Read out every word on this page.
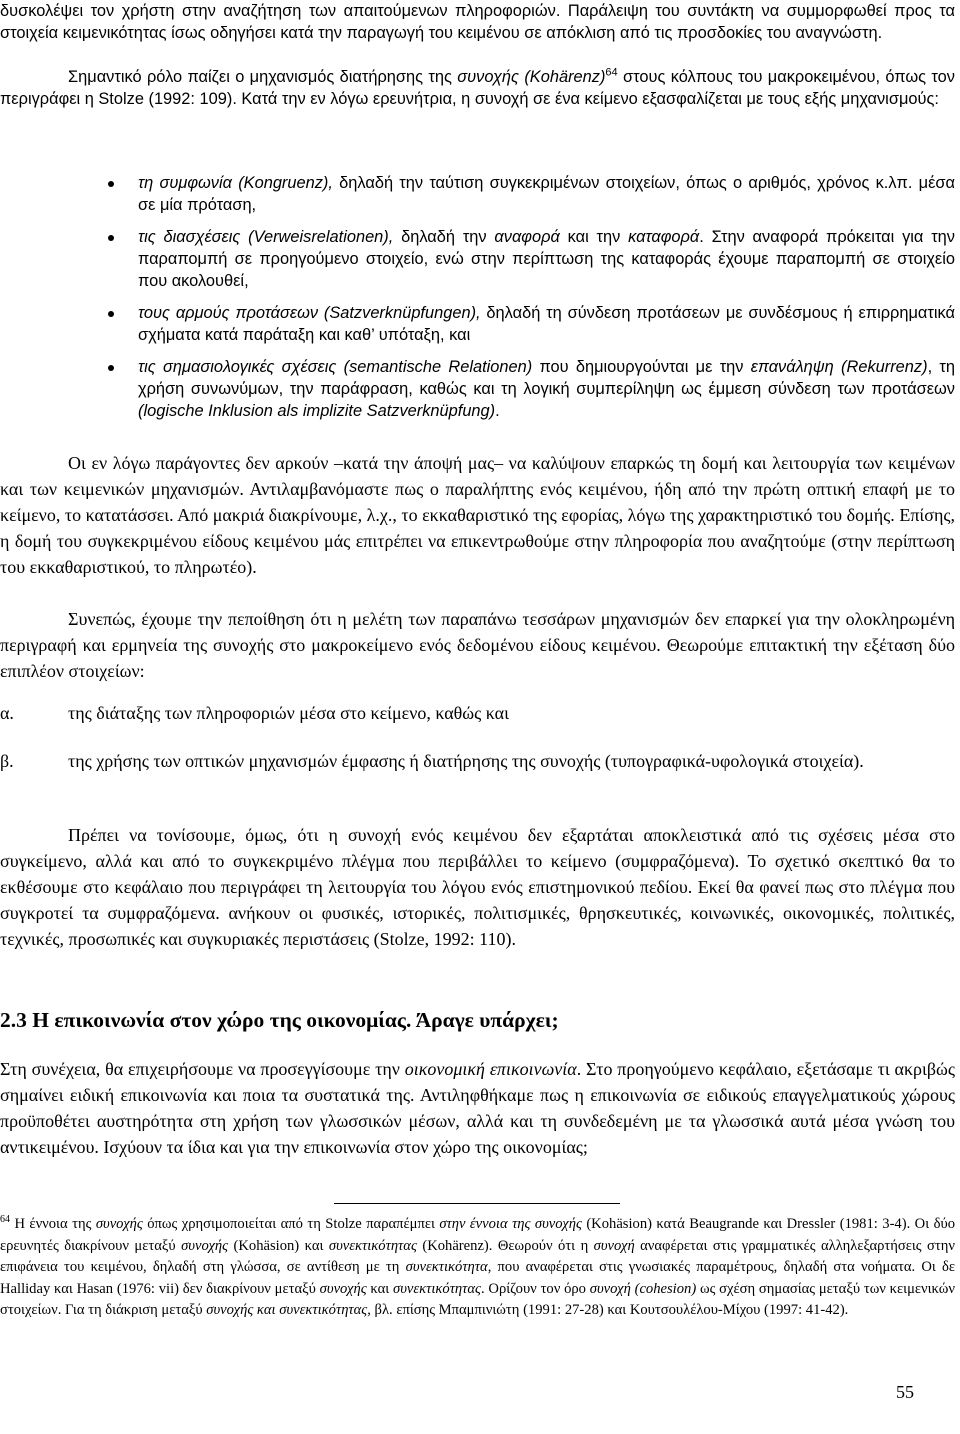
δυσκολέψει τον χρήστη στην αναζήτηση των απαιτούμενων πληροφοριών. Παράλειψη του συντάκτη να συμμορφωθεί προς τα στοιχεία κειμενικότητας ίσως οδηγήσει κατά την παραγωγή του κειμένου σε απόκλιση από τις προσδοκίες του αναγνώστη.

Σημαντικό ρόλο παίζει ο μηχανισμός διατήρησης της συνοχής (Kohärenz)$^{64}$ στους κόλπους του μακροκειμένου, όπως τον περιγράφει η Stolze (1992: 109). Κατά την εν λόγω ερευνήτρια, η συνοχή σε ένα κείμενο εξασφαλίζεται με τους εξής μηχανισμούς:

τη συμφωνία (Kongruenz), δηλαδή την ταύτιση συγκεκριμένων στοιχείων, όπως ο αριθμός, χρόνος κ.λπ. μέσα σε μία πρόταση,
τις διασχέσεις (Verweisrelationen), δηλαδή την αναφορά και την καταφορά. Στην αναφορά πρόκειται για την παραπομπή σε προηγούμενο στοιχείο, ενώ στην περίπτωση της καταφοράς έχουμε παραπομπή σε στοιχείο που ακολουθεί,
τους αρμούς προτάσεων (Satzverknüpfungen), δηλαδή τη σύνδεση προτάσεων με συνδέσμους ή επιρρηματικά σχήματα κατά παράταξη και καθ’ υπόταξη, και
τις σημασιολογικές σχέσεις (semantische Relationen) που δημιουργούνται με την επανάληψη (Rekurrenz), τη χρήση συνωνύμων, την παράφραση, καθώς και τη λογική συμπερίληψη ως έμμεση σύνδεση των προτάσεων (logische Inklusion als implizite Satzverknüpfung).

Οι εν λόγω παράγοντες δεν αρκούν –κατά την άποψή μας– να καλύψουν επαρκώς τη δομή και λειτουργία των κειμένων και των κειμενικών μηχανισμών. Αντιλαμβανόμαστε πως ο παραλήπτης ενός κειμένου, ήδη από την πρώτη οπτική επαφή με το κείμενο, το κατατάσσει. Από μακριά διακρίνουμε, λ.χ., το εκκαθαριστικό της εφορίας, λόγω της χαρακτηριστικό του δομής. Επίσης, η δομή του συγκεκριμένου είδους κειμένου μάς επιτρέπει να επικεντρωθούμε στην πληροφορία που αναζητούμε (στην περίπτωση του εκκαθαριστικού, το πληρωτέο).

Συνεπώς, έχουμε την πεποίθηση ότι η μελέτη των παραπάνω τεσσάρων μηχανισμών δεν επαρκεί για την ολοκληρωμένη περιγραφή και ερμηνεία της συνοχής στο μακροκείμενο ενός δεδομένου είδους κειμένου. Θεωρούμε επιτακτική την εξέταση δύο επιπλέον στοιχείων:

α.	της διάταξης των πληροφοριών μέσα στο κείμενο, καθώς και
β.	της χρήσης των οπτικών μηχανισμών έμφασης ή διατήρησης της συνοχής (τυπογραφικά-υφολογικά στοιχεία).

Πρέπει να τονίσουμε, όμως, ότι η συνοχή ενός κειμένου δεν εξαρτάται αποκλειστικά από τις σχέσεις μέσα στο συγκείμενο, αλλά και από το συγκεκριμένο πλέγμα που περιβάλλει το κείμενο (συμφραζόμενα). Το σχετικό σκεπτικό θα το εκθέσουμε στο κεφάλαιο που περιγράφει τη λειτουργία του λόγου ενός επιστημονικού πεδίου. Εκεί θα φανεί πως στο πλέγμα που συγκροτεί τα συμφραζόμενα. ανήκουν οι φυσικές, ιστορικές, πολιτισμικές, θρησκευτικές, κοινωνικές, οικονομικές, πολιτικές, τεχνικές, προσωπικές και συγκυριακές περιστάσεις (Stolze, 1992: 110).

2.3 Η επικοινωνία στον χώρο της οικονομίας. Άραγε υπάρχει;

Στη συνέχεια, θα επιχειρήσουμε να προσεγγίσουμε την οικονομική επικοινωνία. Στο προηγούμενο κεφάλαιο, εξετάσαμε τι ακριβώς σημαίνει ειδική επικοινωνία και ποια τα συστατικά της. Αντιληφθήκαμε πως η επικοινωνία σε ειδικούς επαγγελματικούς χώρους προϋποθέτει αυστηρότητα στη χρήση των γλωσσικών μέσων, αλλά και τη συνδεδεμένη με τα γλωσσικά αυτά μέσα γνώση του αντικειμένου. Ισχύουν τα ίδια και για την επικοινωνία στον χώρο της οικονομίας;

$^{64}$ Η έννοια της συνοχής όπως χρησιμοποιείται από τη Stolze παραπέμπει στην έννοια της συνοχής (Kohäsion) κατά Beaugrande και Dressler (1981: 3-4). Οι δύο ερευνητές διακρίνουν μεταξύ συνοχής (Kohäsion) και συνεκτικότητας (Kohärenz). Θεωρούν ότι η συνοχή αναφέρεται στις γραμματικές αλληλεξαρτήσεις στην επιφάνεια του κειμένου, δηλαδή στη γλώσσα, σε αντίθεση με τη συνεκτικότητα, που αναφέρεται στις γνωσιακές παραμέτρους, δηλαδή στα νοήματα. Οι δε Halliday και Hasan (1976: vii) δεν διακρίνουν μεταξύ συνοχής και συνεκτικότητας. Ορίζουν τον όρο συνοχή (cohesion) ως σχέση σημασίας μεταξύ των κειμενικών στοιχείων. Για τη διάκριση μεταξύ συνοχής και συνεκτικότητας, βλ. επίσης Μπαμπινιώτη (1991: 27-28) και Κουτσουλέλου-Μίχου (1997: 41-42).

55
